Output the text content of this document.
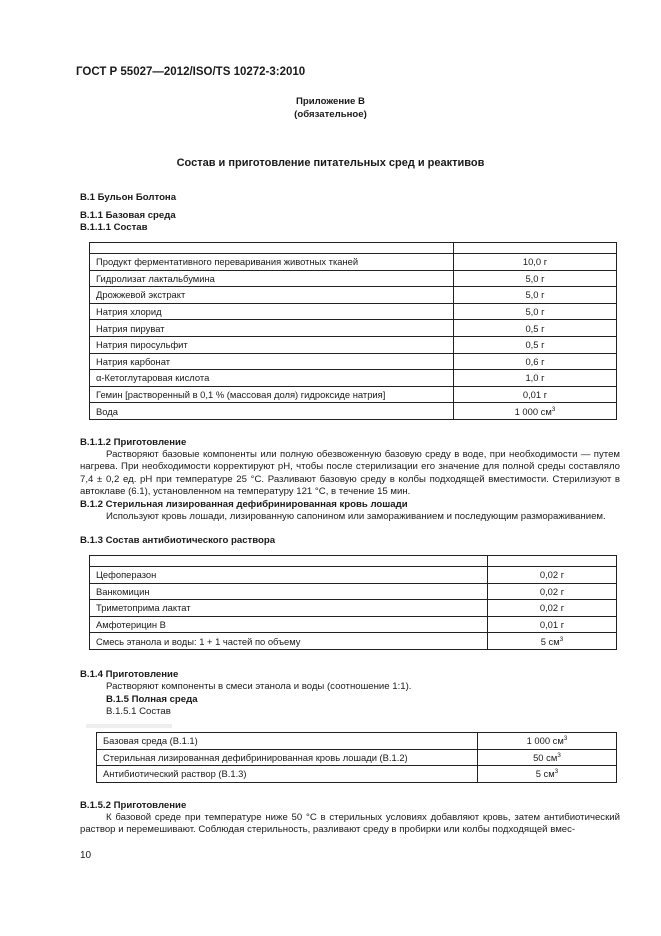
ГОСТ Р 55027—2012/ISO/TS 10272-3:2010
Приложение В
(обязательное)
Состав и приготовление питательных сред и реактивов
В.1 Бульон Болтона
В.1.1 Базовая среда
В.1.1.1 Состав

Продукт ферментативного переваривания животных тканей	10,0 г
Гидролизат лактальбумина	5,0 г
Дрожжевой экстракт	5,0 г
Натрия хлорид	5,0 г
Натрия пируват	0,5 г
Натрия пиросульфит	0,5 г
Натрия карбонат	0,6 г
α-Кетоглутаровая кислота	1,0 г
Гемин [растворенный в 0,1 % (массовая доля) гидроксиде натрия]	0,01 г
Вода	1 000 $см^3$
В.1.1.2 Приготовление
Растворяют базовые компоненты или полную обезвоженную базовую среду в воде, при необходимости — путем нагрева. При необходимости корректируют pH, чтобы после стерилизации его значение для полной среды составляло 7,4 ± 0,2 ед. pH при температуре 25 °С. Разливают базовую среду в колбы подходящей вместимости. Стерилизуют в автоклаве (6.1), установленном на температуру 121 °С, в течение 15 мин.
В.1.2 Стерильная лизированная дефибринированная кровь лошади
Используют кровь лошади, лизированную сапонином или замораживанием и последующим размораживанием.
В.1.3 Состав антибиотического раствора

Цефоперазон	0,02 г
Ванкомицин	0,02 г
Триметоприма лактат	0,02 г
Амфотерицин В	0,01 г
Смесь этанола и воды: 1 + 1 частей по объему	5 $см^3$
В.1.4 Приготовление
Растворяют компоненты в смеси этанола и воды (соотношение 1:1).
В.1.5 Полная среда
В.1.5.1 Состав
Базовая среда (В.1.1)	1 000 $см^3$
Стерильная лизированная дефибринированная кровь лошади (В.1.2)	50 $см^3$
Антибиотический раствор (В.1.3)	5 $см^3$
В.1.5.2 Приготовление
К базовой среде при температуре ниже 50 °С в стерильных условиях добавляют кровь, затем антибиотический раствор и перемешивают. Соблюдая стерильность, разливают среду в пробирки или колбы подходящей вмес-
10
